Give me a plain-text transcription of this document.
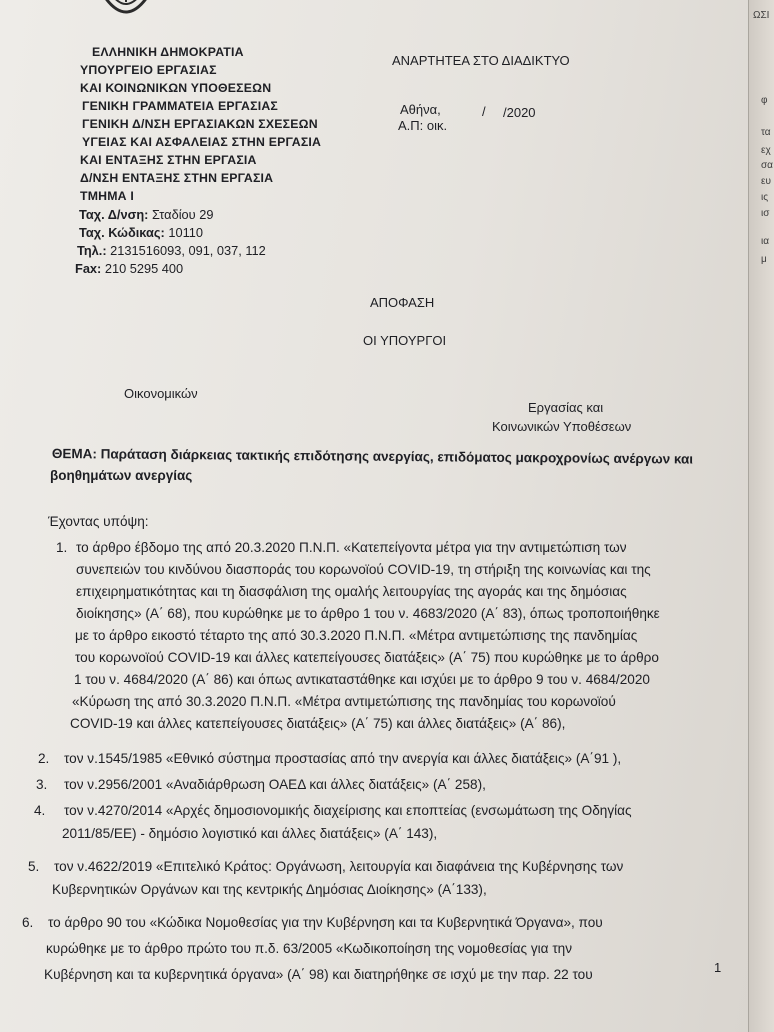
ΕΛΛΗΝΙΚΗ ΔΗΜΟΚΡΑΤΙΑ
ΥΠΟΥΡΓΕΙΟ ΕΡΓΑΣΙΑΣ
ΚΑΙ ΚΟΙΝΩΝΙΚΩΝ ΥΠΟΘΕΣΕΩΝ
ΓΕΝΙΚΗ ΓΡΑΜΜΑΤΕΙΑ ΕΡΓΑΣΙΑΣ
ΓΕΝΙΚΗ Δ/ΝΣΗ ΕΡΓΑΣΙΑΚΩΝ ΣΧΕΣΕΩΝ
ΥΓΕΙΑΣ ΚΑΙ ΑΣΦΑΛΕΙΑΣ ΣΤΗΝ ΕΡΓΑΣΙΑ
ΚΑΙ ΕΝΤΑΞΗΣ ΣΤΗΝ ΕΡΓΑΣΙΑ
Δ/ΝΣΗ ΕΝΤΑΞΗΣ ΣΤΗΝ ΕΡΓΑΣΙΑ
ΤΜΗΜΑ Ι
Ταχ. Δ/νση: Σταδίου 29
Ταχ. Κώδικας: 10110
Τηλ.: 2131516093, 091, 037, 112
Fax: 210 5295 400
ΑΝΑΡΤΗΤΕΑ ΣΤΟ ΔΙΑΔΙΚΤΥΟ
Αθήνα,	/ /2020
Α.Π: οικ.
ΑΠΟΦΑΣΗ
ΟΙ ΥΠΟΥΡΓΟΙ
Οικονομικών
Εργασίας και
Κοινωνικών Υποθέσεων
ΘΕΜΑ: Παράταση διάρκειας τακτικής επιδότησης ανεργίας, επιδόματος μακροχρονίως ανέργων και
βοηθημάτων ανεργίας
Έχοντας υπόψη:
1. το άρθρο έβδομο της από 20.3.2020 Π.Ν.Π. «Κατεπείγοντα μέτρα για την αντιμετώπιση των
συνεπειών του κινδύνου διασποράς του κορωνοϊού COVID-19, τη στήριξη της κοινωνίας και της
επιχειρηματικότητας και τη διασφάλιση της ομαλής λειτουργίας της αγοράς και της δημόσιας
διοίκησης» (Α΄ 68), που κυρώθηκε με το άρθρο 1 του ν. 4683/2020 (Α΄ 83), όπως τροποποιήθηκε
με το άρθρο εικοστό τέταρτο της από 30.3.2020 Π.Ν.Π. «Μέτρα αντιμετώπισης της πανδημίας
του κορωνοϊού COVID-19 και άλλες κατεπείγουσες διατάξεις» (Α΄ 75) που κυρώθηκε με το άρθρο
1 του ν. 4684/2020 (Α΄ 86) και όπως αντικαταστάθηκε και ισχύει με το άρθρο 9 του ν. 4684/2020
«Κύρωση της από 30.3.2020 Π.Ν.Π. «Μέτρα αντιμετώπισης της πανδημίας του κορωνοϊού
COVID-19 και άλλες κατεπείγουσες διατάξεις» (Α΄ 75) και άλλες διατάξεις» (Α΄ 86),
2. τον ν.1545/1985 «Εθνικό σύστημα προστασίας από την ανεργία και άλλες διατάξεις» (Α΄91 ),
3. τον ν.2956/2001 «Αναδιάρθρωση ΟΑΕΔ και άλλες διατάξεις» (Α΄ 258),
4. τον ν.4270/2014 «Αρχές δημοσιονομικής διαχείρισης και εποπτείας (ενσωμάτωση της Οδηγίας
2011/85/ΕΕ) - δημόσιο λογιστικό και άλλες διατάξεις» (Α΄ 143),
5. τον ν.4622/2019 «Επιτελικό Κράτος: Οργάνωση, λειτουργία και διαφάνεια της Κυβέρνησης των
Κυβερνητικών Οργάνων και της κεντρικής Δημόσιας Διοίκησης» (Α΄133),
6. το άρθρο 90 του «Κώδικα Νομοθεσίας για την Κυβέρνηση και τα Κυβερνητικά Όργανα», που
κυρώθηκε με το άρθρο πρώτο του π.δ. 63/2005 «Κωδικοποίηση της νομοθεσίας για την
Κυβέρνηση και τα κυβερνητικά όργανα» (Α΄ 98) και διατηρήθηκε σε ισχύ με την παρ. 22 του	1
ΩΣΙ
φ
τα
εχ
σα
ευ
ις
ισ
ια
μ
